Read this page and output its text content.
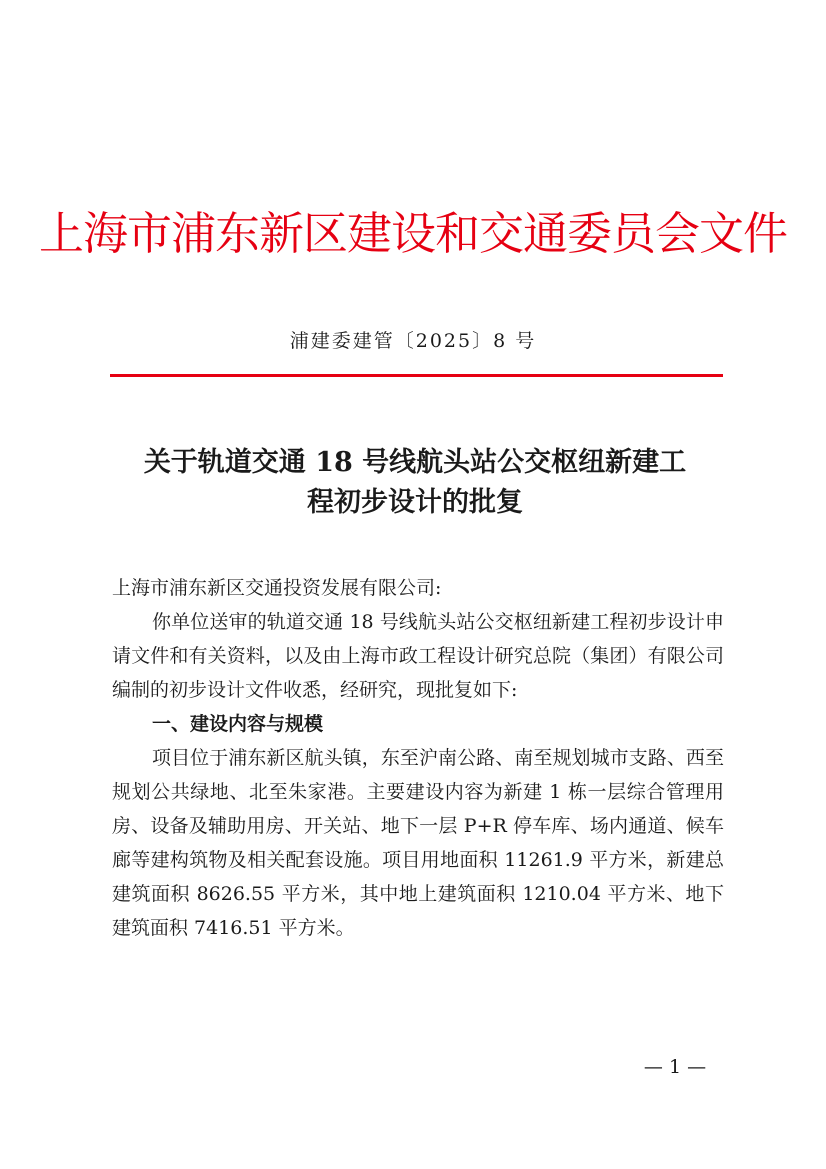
上海市浦东新区建设和交通委员会文件
浦建委建管〔2025〕8 号
关于轨道交通 18 号线航头站公交枢纽新建工
程初步设计的批复

上海市浦东新区交通投资发展有限公司:

你单位送审的轨道交通 18 号线航头站公交枢纽新建工程初步设计申请文件和有关资料，以及由上海市政工程设计研究总院（集团）有限公司编制的初步设计文件收悉，经研究，现批复如下:

一、建设内容与规模

项目位于浦东新区航头镇，东至沪南公路、南至规划城市支路、西至规划公共绿地、北至朱家港。主要建设内容为新建 1 栋一层综合管理用房、设备及辅助用房、开关站、地下一层 P+R 停车库、场内通道、候车廊等建构筑物及相关配套设施。项目用地面积 11261.9 平方米，新建总建筑面积 8626.55 平方米，其中地上建筑面积 1210.04 平方米、地下建筑面积 7416.51 平方米。

— 1 —
